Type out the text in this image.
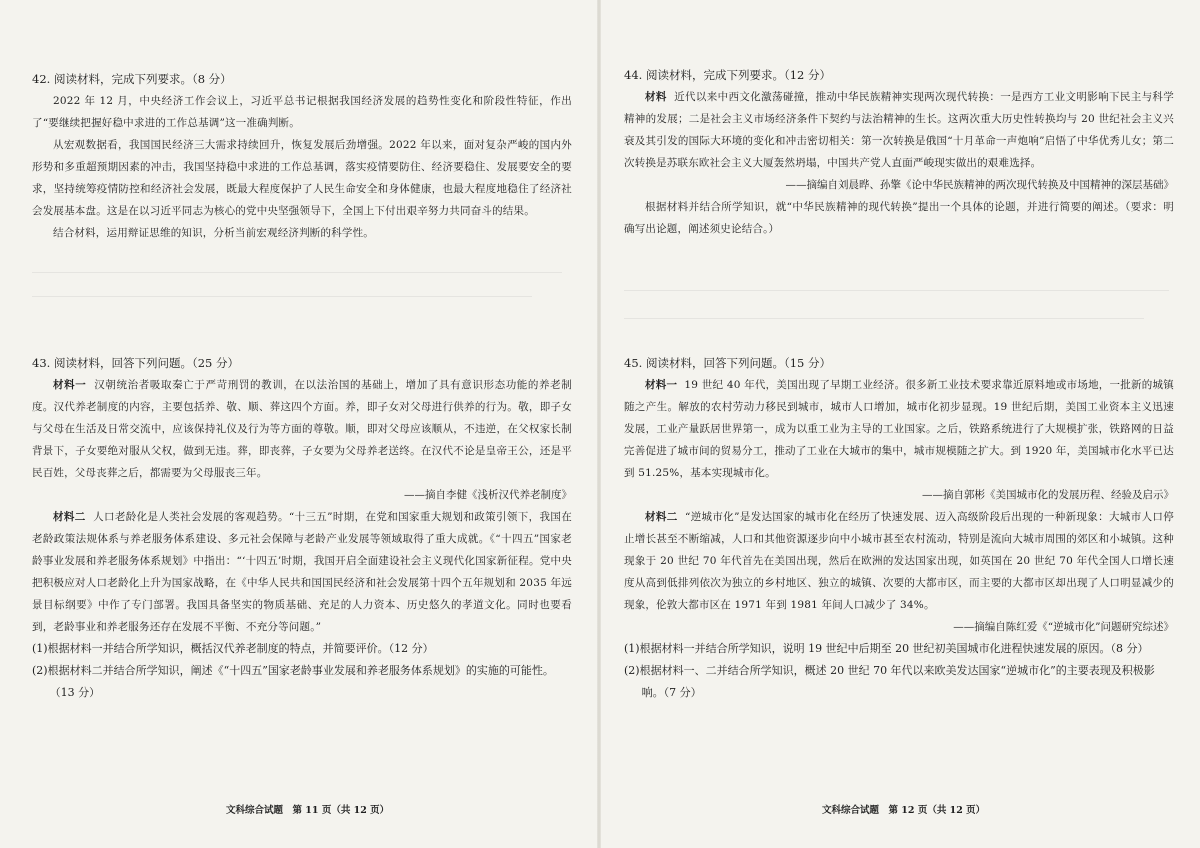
42. 阅读材料，完成下列要求。（8 分）

2022 年 12 月，中央经济工作会议上，习近平总书记根据我国经济发展的趋势性变化和阶段性特征，作出了“要继续把握好稳中求进的工作总基调”这一准确判断。

从宏观数据看，我国国民经济三大需求持续回升，恢复发展后劲增强。2022 年以来，面对复杂严峻的国内外形势和多重超预期因素的冲击，我国坚持稳中求进的工作总基调，落实疫情要防住、经济要稳住、发展要安全的要求，坚持统筹疫情防控和经济社会发展，既最大程度保护了人民生命安全和身体健康，也最大程度地稳住了经济社会发展基本盘。这是在以习近平同志为核心的党中央坚强领导下，全国上下付出艰辛努力共同奋斗的结果。

结合材料，运用辩证思维的知识，分析当前宏观经济判断的科学性。

43. 阅读材料，回答下列问题。（25 分）

材料一 汉朝统治者吸取秦亡于严苛刑罚的教训，在以法治国的基础上，增加了具有意识形态功能的养老制度。汉代养老制度的内容，主要包括养、敬、顺、葬这四个方面。养，即子女对父母进行供养的行为。敬，即子女与父母在生活及日常交流中，应该保持礼仪及行为等方面的尊敬。顺，即对父母应该顺从，不违逆，在父权家长制背景下，子女要绝对服从父权，做到无违。葬，即丧葬，子女要为父母养老送终。在汉代不论是皇帝王公，还是平民百姓，父母丧葬之后，都需要为父母服丧三年。

——摘自李健《浅析汉代养老制度》

材料二 人口老龄化是人类社会发展的客观趋势。“十三五”时期，在党和国家重大规划和政策引领下，我国在老龄政策法规体系与养老服务体系建设、多元社会保障与老龄产业发展等领域取得了重大成就。《“十四五”国家老龄事业发展和养老服务体系规划》中指出：“‘十四五’时期，我国开启全面建设社会主义现代化国家新征程。党中央把积极应对人口老龄化上升为国家战略，在《中华人民共和国国民经济和社会发展第十四个五年规划和 2035 年远景目标纲要》中作了专门部署。我国具备坚实的物质基础、充足的人力资本、历史悠久的孝道文化。同时也要看到，老龄事业和养老服务还存在发展不平衡、不充分等问题。”

(1)根据材料一并结合所学知识，概括汉代养老制度的特点，并简要评价。（12 分）

(2)根据材料二并结合所学知识，阐述《“十四五”国家老龄事业发展和养老服务体系规划》的实施的可能性。（13 分）

文科综合试题　第 11 页（共 12 页）

44. 阅读材料，完成下列要求。（12 分）

材料 近代以来中西文化激荡碰撞，推动中华民族精神实现两次现代转换：一是西方工业文明影响下民主与科学精神的发展；二是社会主义市场经济条件下契约与法治精神的生长。这两次重大历史性转换均与 20 世纪社会主义兴衰及其引发的国际大环境的变化和冲击密切相关：第一次转换是俄国“十月革命一声炮响”启悟了中华优秀儿女；第二次转换是苏联东欧社会主义大厦轰然坍塌，中国共产党人直面严峻现实做出的艰难选择。

——摘编自刘晨晔、孙擎《论中华民族精神的两次现代转换及中国精神的深层基础》

根据材料并结合所学知识，就“中华民族精神的现代转换”提出一个具体的论题，并进行简要的阐述。（要求：明确写出论题，阐述须史论结合。）

45. 阅读材料，回答下列问题。（15 分）

材料一 19 世纪 40 年代，美国出现了早期工业经济。很多新工业技术要求靠近原料地或市场地，一批新的城镇随之产生。解放的农村劳动力移民到城市，城市人口增加，城市化初步显现。19 世纪后期，美国工业资本主义迅速发展，工业产量跃居世界第一，成为以重工业为主导的工业国家。之后，铁路系统进行了大规模扩张，铁路网的日益完善促进了城市间的贸易分工，推动了工业在大城市的集中，城市规模随之扩大。到 1920 年，美国城市化水平已达到 51.25%，基本实现城市化。

——摘自郭彬《美国城市化的发展历程、经验及启示》

材料二 “逆城市化”是发达国家的城市化在经历了快速发展、迈入高级阶段后出现的一种新现象：大城市人口停止增长甚至不断缩减，人口和其他资源逐步向中小城市甚至农村流动，特别是流向大城市周围的郊区和小城镇。这种现象于 20 世纪 70 年代首先在美国出现，然后在欧洲的发达国家出现，如英国在 20 世纪 70 年代全国人口增长速度从高到低排列依次为独立的乡村地区、独立的城镇、次要的大都市区，而主要的大都市区却出现了人口明显减少的现象，伦敦大都市区在 1971 年到 1981 年间人口减少了 34%。

——摘编自陈红爱《“逆城市化”问题研究综述》

(1)根据材料一并结合所学知识，说明 19 世纪中后期至 20 世纪初美国城市化进程快速发展的原因。（8 分）

(2)根据材料一、二并结合所学知识，概述 20 世纪 70 年代以来欧美发达国家“逆城市化”的主要表现及积极影响。（7 分）

文科综合试题　第 12 页（共 12 页）
